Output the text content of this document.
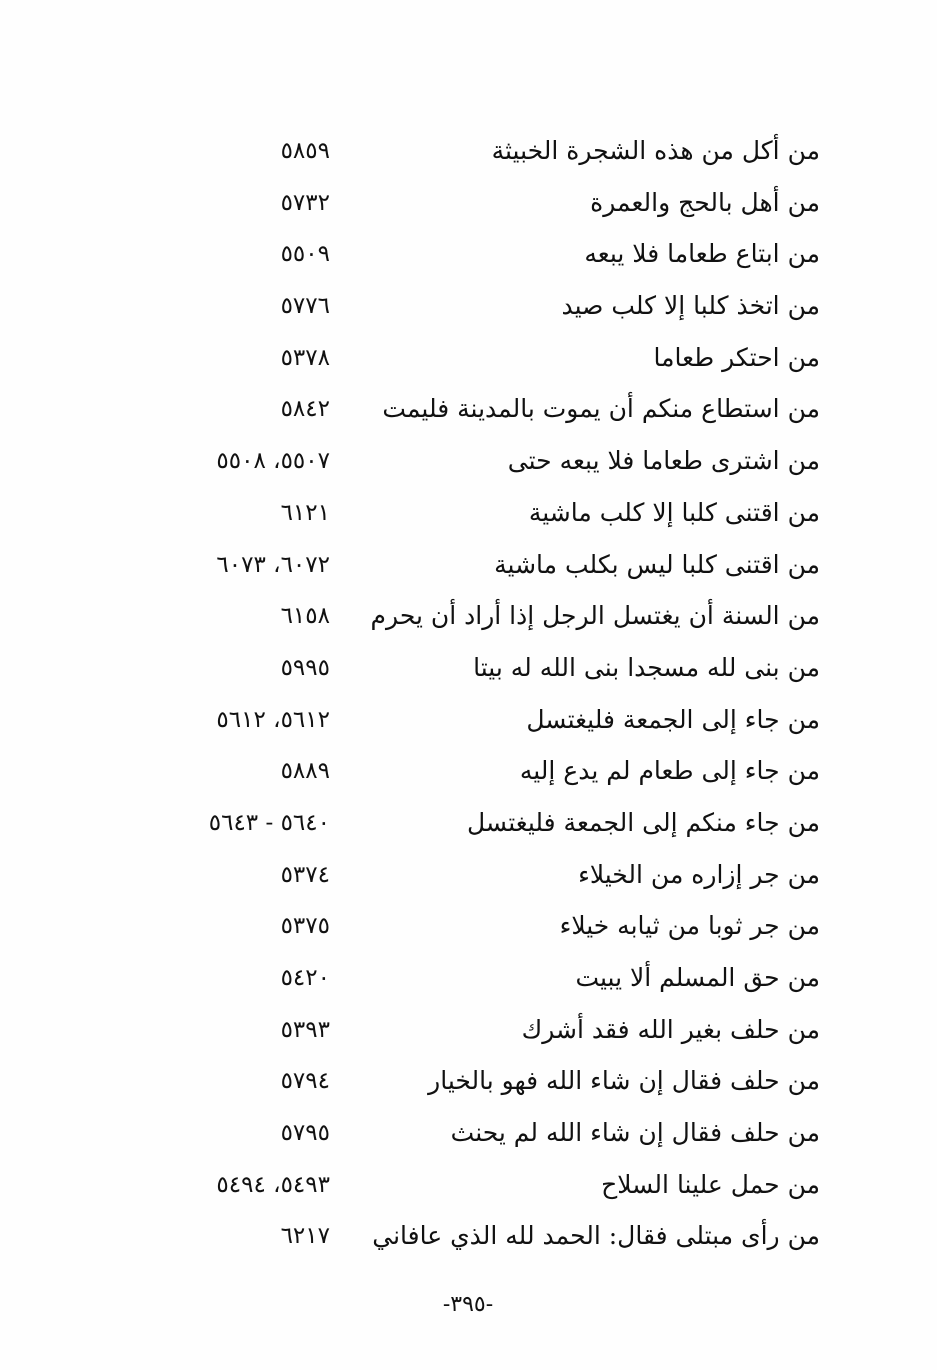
من أكل من هذه الشجرة الخبيثة
٥٨٥٩
من أهل بالحج والعمرة
٥٧٣٢
من ابتاع طعاما فلا يبعه
٥٥٠٩
من اتخذ كلبا إلا كلب صيد
٥٧٧٦
من احتكر طعاما
٥٣٧٨
من استطاع منكم أن يموت بالمدينة فليمت
٥٨٤٢
من اشترى طعاما فلا يبعه حتى
٥٥٠٧، ٥٥٠٨
من اقتنى كلبا إلا كلب ماشية
٦١٢١
من اقتنى كلبا ليس بكلب ماشية
٦٠٧٢، ٦٠٧٣
من السنة أن يغتسل الرجل إذا أراد أن يحرم
٦١٥٨
من بنى لله مسجدا بنى الله له بيتا
٥٩٩٥
من جاء إلى الجمعة فليغتسل
٥٦١٢، ٥٦١٢
من جاء إلى طعام لم يدع إليه
٥٨٨٩
من جاء منكم إلى الجمعة فليغتسل
٥٦٤٠ - ٥٦٤٣
من جر إزاره من الخيلاء
٥٣٧٤
من جر ثوبا من ثيابه خيلاء
٥٣٧٥
من حق المسلم ألا يبيت
٥٤٢٠
من حلف بغير الله فقد أشرك
٥٣٩٣
من حلف فقال إن شاء الله فهو بالخيار
٥٧٩٤
من حلف فقال إن شاء الله لم يحنث
٥٧٩٥
من حمل علينا السلاح
٥٤٩٣، ٥٤٩٤
من رأى مبتلى فقال: الحمد لله الذي عافاني
٦٢١٧
-٣٩٥-
